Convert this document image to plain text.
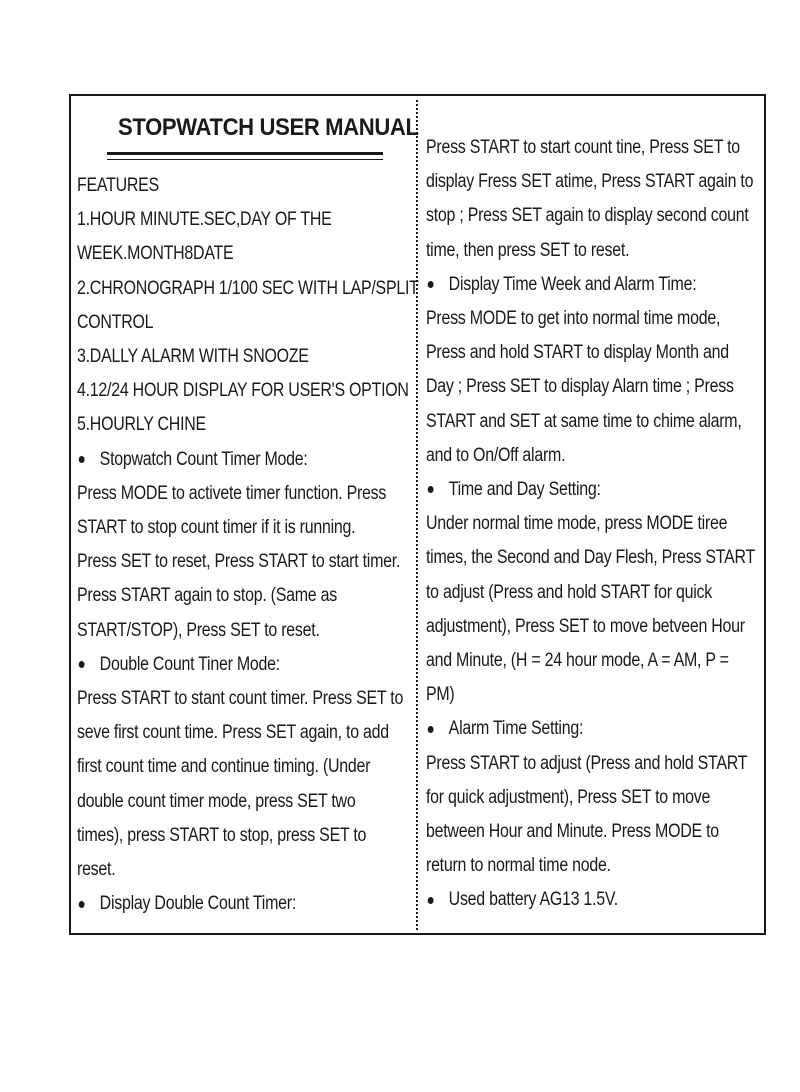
STOPWATCH USER MANUAL
FEATURES
1.HOUR MINUTE.SEC,DAY OF THE
WEEK.MONTH8DATE
2.CHRONOGRAPH 1/100 SEC WITH LAP/SPLIT
CONTROL
3.DALLY ALARM WITH SNOOZE
4.12/24 HOUR DISPLAY FOR USER'S OPTION
5.HOURLY CHINE
Stopwatch Count Timer Mode:
Press MODE to activete timer function. Press
START to stop count timer if it is running.
Press SET to reset, Press START to start timer.
Press START again to stop. (Same as
START/STOP), Press SET to reset.
Double Count Tiner Mode:
Press START to stant count timer. Press SET to
seve first count time. Press SET again, to add
first count time and continue timing. (Under
double count timer mode, press SET two
times), press START to stop, press SET to
reset.
Display Double Count Timer:
Press START to start count tine, Press SET to
display Fress SET atime, Press START again to
stop ; Press SET again to display second count
time, then press SET to reset.
Display Time Week and Alarm Time:
Press MODE to get into normal time mode,
Press and hold START to display Month and
Day ; Press SET to display Alarn time ; Press
START and SET at same time to chime alarm,
and to On/Off alarm.
Time and Day Setting:
Under normal time mode, press MODE tiree
times, the Second and Day Flesh, Press START
to adjust (Press and hold START for quick
adjustment), Press SET to move betveen Hour
and Minute, (H = 24 hour mode, A = AM, P =
PM)
Alarm Time Setting:
Press START to adjust (Press and hold START
for quick adjustment), Press SET to move
between Hour and Minute. Press MODE to
return to normal time node.
Used battery AG13 1.5V.
